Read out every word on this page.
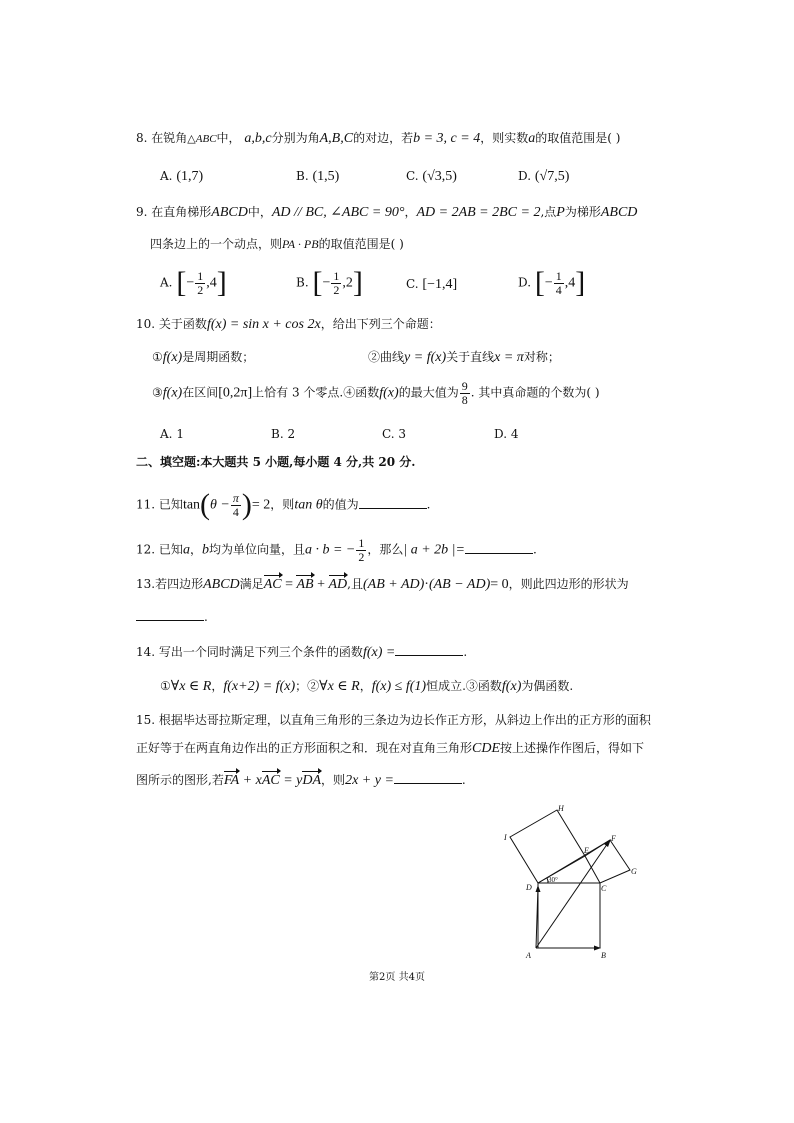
8. 在锐角△ABC中， a,b,c分别为角A,B,C的对边，若b = 3, c = 4，则实数a的取值范围是( )
A. (1,7)	B. (1,5)	C. (√3,5)	D. (√7,5)
9. 在直角梯形ABCD中，AD // BC, ∠ABC = 90°，AD = 2AB = 2BC = 2,点P为梯形ABCD
四条边上的一个动点，则PA · PB的取值范围是( )
A. [− $\frac{1}{2} ,4$]	B. [− $\frac{1}{2} ,2$]	C. [−1,4]	D. [− $\frac{1}{4} ,4$]
10. 关于函数f(x) = sin x + cos 2x，给出下列三个命题：
①f(x)是周期函数；	②曲线y = f(x)关于直线x = π对称；
③f(x)在区间[0,2π]上恰有 3 个零点.④函数f(x)的最大值为 $\frac{9}{8}$ . 其中真命题的个数为( )
A. 1	B. 2	C. 3	D. 4
二、填空题:本大题共 5 小题,每小题 4 分,共 20 分.
11. 已知$\tan(\theta - \frac{\pi}{4}$ )= 2，则tan θ的值为	.
12. 已知a，b均为单位向量，且a · b = − $\frac{1}{2}$ ，那么| a + 2b |=	.
13.若四边形ABCD满足AC = AB + AD,且(AB + AD)·(AB − AD)= 0，则此四边形的形状为
.
14. 写出一个同时满足下列三个条件的函数f(x) =	.
①∀x ∈ R，f(x+2) = f(x)；②∀x ∈ R，f(x) ≤ f(1)恒成立.③函数f(x)为偶函数.
15. 根据毕达哥拉斯定理，以直角三角形的三条边为边长作正方形，从斜边上作出的正方形的面积
正好等于在两直角边作出的正方形面积之和．现在对直角三角形CDE按上述操作作图后，得如下
图所示的图形,若FA + xAC = yDA，则2x + y =	.
H
I	F
E
G
D	C
A	B
30°
第2页 共4页
